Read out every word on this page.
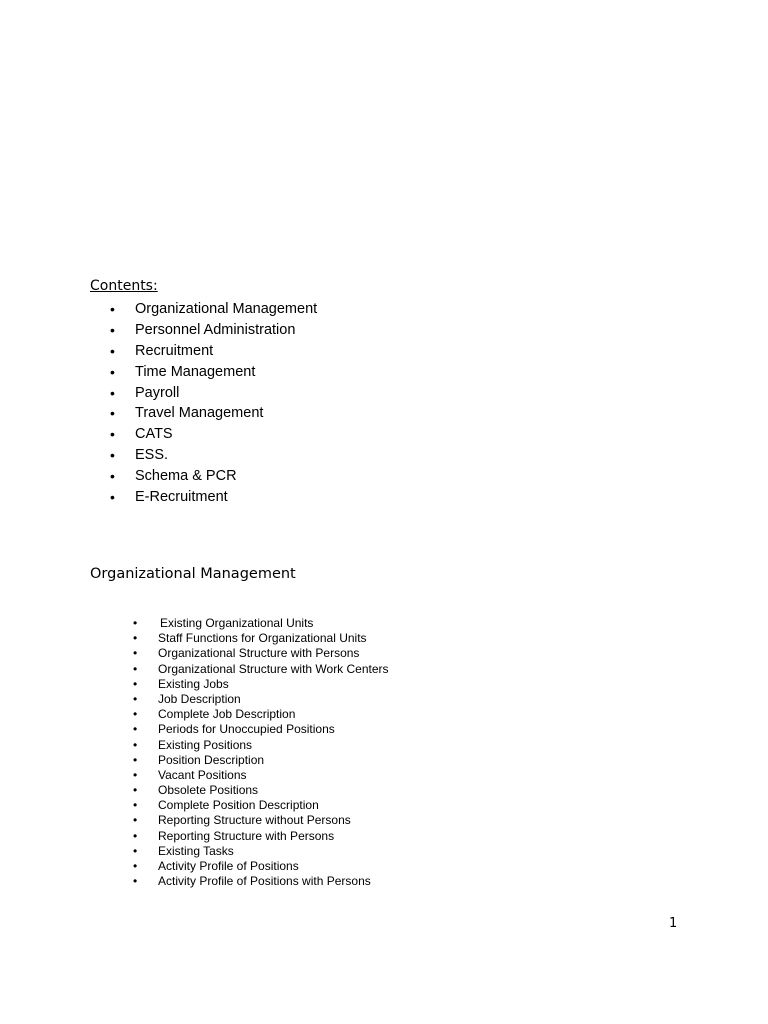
Contents:
• Organizational Management
• Personnel Administration
• Recruitment
• Time Management
• Payroll
• Travel Management
• CATS
• ESS.
• Schema & PCR
• E-Recruitment
Organizational Management
• Existing Organizational Units
• Staff Functions for Organizational Units
• Organizational Structure with Persons
• Organizational Structure with Work Centers
• Existing Jobs
• Job Description
• Complete Job Description
• Periods for Unoccupied Positions
• Existing Positions
• Position Description
• Vacant Positions
• Obsolete Positions
• Complete Position Description
• Reporting Structure without Persons
• Reporting Structure with Persons
• Existing Tasks
• Activity Profile of Positions
• Activity Profile of Positions with Persons
1
